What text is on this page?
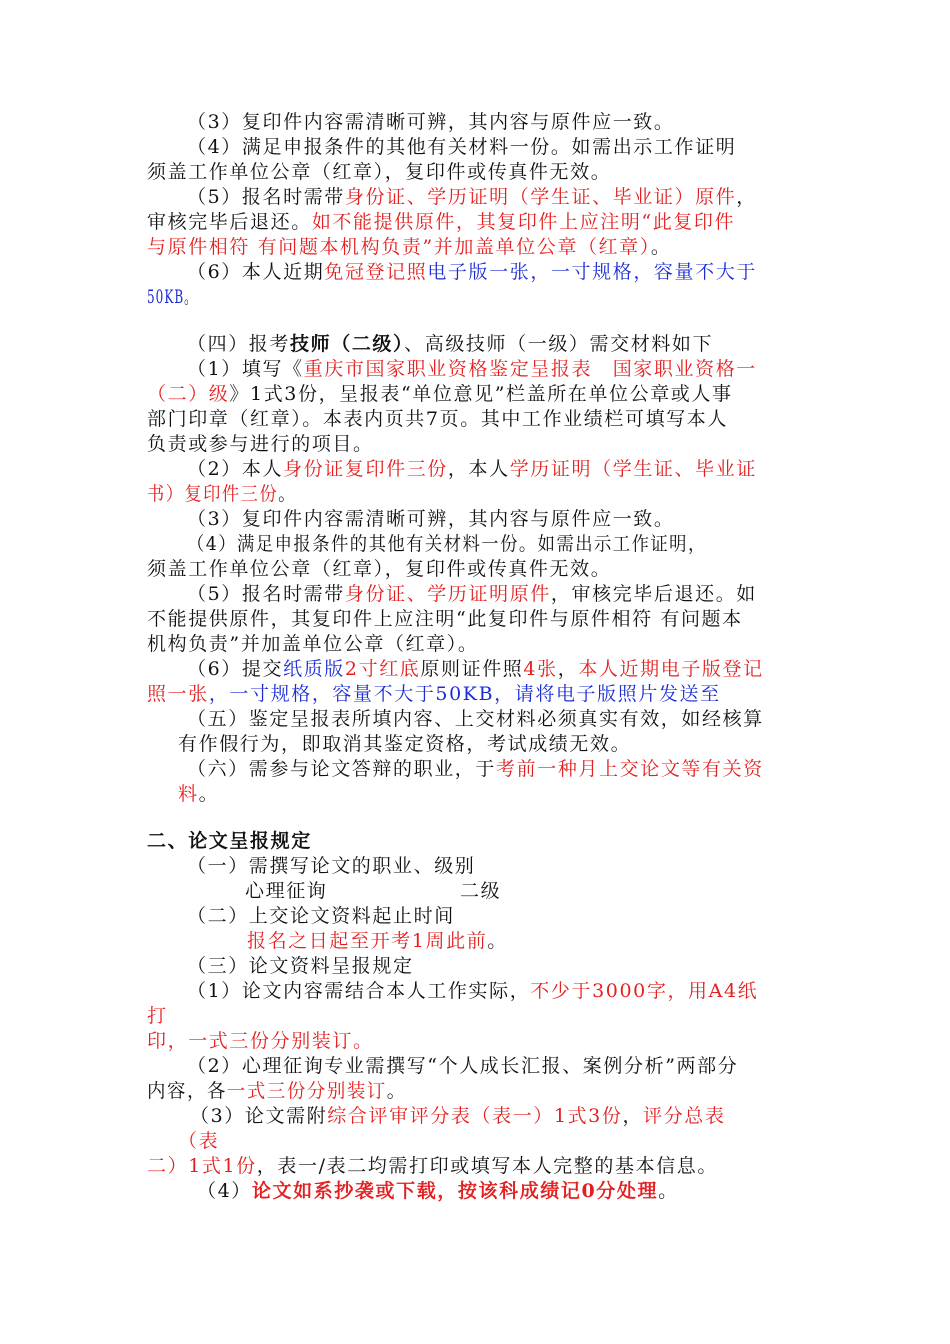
（3）复印件内容需清晰可辨，其内容与原件应一致。
（4）满足申报条件的其他有关材料一份。如需出示工作证明
须盖工作单位公章（红章），复印件或传真件无效。
（5）报名时需带身份证、学历证明（学生证、毕业证）原件，
审核完毕后退还。如不能提供原件，其复印件上应注明“此复印件
与原件相符 有问题本机构负责”并加盖单位公章（红章）。
（6）本人近期免冠登记照电子版一张，一寸规格，容量不大于
50KB。
（四）报考技师（二级）、高级技师（一级）需交材料如下
（1）填写《重庆市国家职业资格鉴定呈报表　国家职业资格一
（二）级》1式3份，呈报表“单位意见”栏盖所在单位公章或人事
部门印章（红章）。本表内页共7页。其中工作业绩栏可填写本人
负责或参与进行的项目。
（2）本人身份证复印件三份，本人学历证明（学生证、毕业证
书）复印件三份。
（3）复印件内容需清晰可辨，其内容与原件应一致。
（4）满足申报条件的其他有关材料一份。如需出示工作证明，
须盖工作单位公章（红章），复印件或传真件无效。
（5）报名时需带身份证、学历证明原件，审核完毕后退还。如
不能提供原件，其复印件上应注明“此复印件与原件相符 有问题本
机构负责”并加盖单位公章（红章）。
（6）提交纸质版2寸红底原则证件照4张，本人近期电子版登记
照一张，一寸规格，容量不大于50KB，请将电子版照片发送至
（五）鉴定呈报表所填内容、上交材料必须真实有效，如经核算
有作假行为，即取消其鉴定资格，考试成绩无效。
（六）需参与论文答辩的职业，于考前一种月上交论文等有关资
料。
二、论文呈报规定
（一）需撰写论文的职业、级别
心理征询	二级
（二）上交论文资料起止时间
报名之日起至开考1周此前。
（三）论文资料呈报规定
（1）论文内容需结合本人工作实际，不少于3000字，用A4纸
打
印，一式三份分别装订。
（2）心理征询专业需撰写“个人成长汇报、案例分析”两部分
内容，各一式三份分别装订。
（3）论文需附综合评审评分表（表一）1式3份，评分总表
（表
二）1式1份，表一/表二均需打印或填写本人完整的基本信息。
（4）论文如系抄袭或下载，按该科成绩记0分处理。
